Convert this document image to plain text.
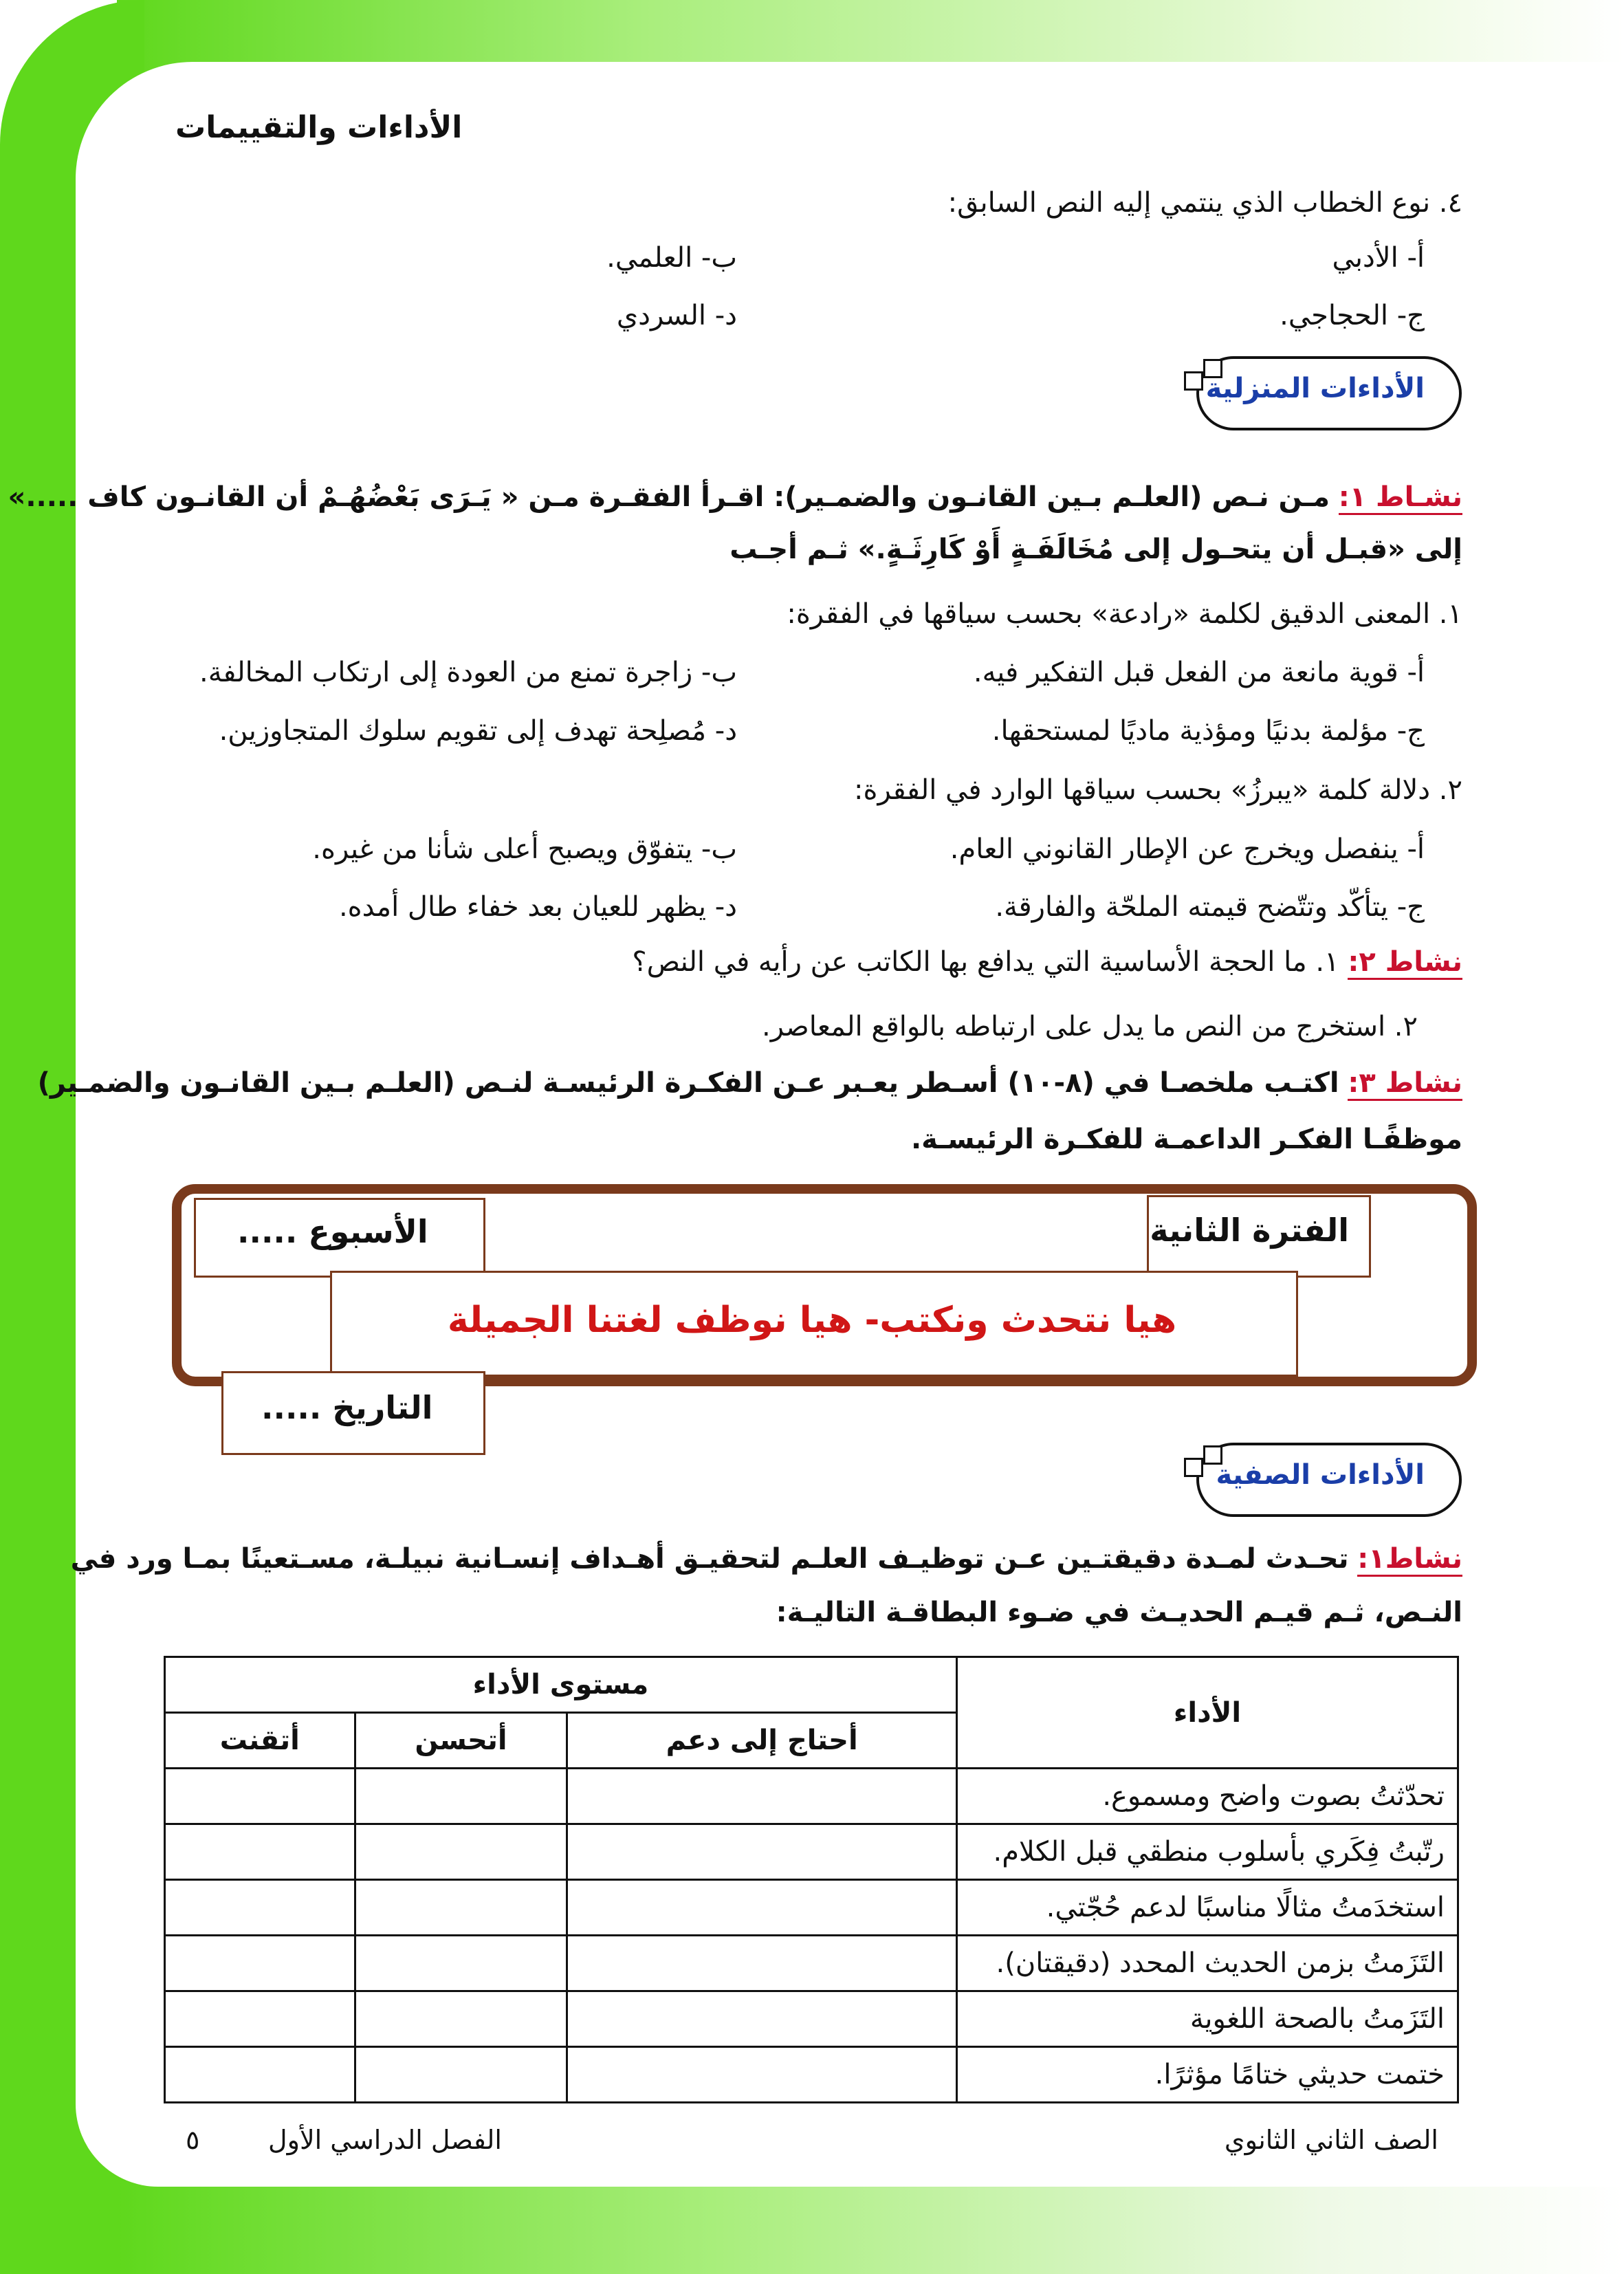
الأداءات والتقييمات
٤. نوع الخطاب الذي ينتمي إليه النص السابق:
أ- الأدبي
ب- العلمي.
ج- الحجاجي.
د- السردي
الأداءات المنزلية
نشـاط ١: مـن نـص (العلـم بـين القانـون والضمـير): اقـرأ الفقـرة مـن « يَـرَى بَعْضُهُـمْ أن القانـون كاف .....»
إلى «قبـل أن يتحـول إلى مُخَالَفَـةٍ أَوْ كَارِثَـةٍ.» ثـم أجـب
١. المعنى الدقيق لكلمة «رادعة» بحسب سياقها في الفقرة:
أ- قوية مانعة من الفعل قبل التفكير فيه.
ب- زاجرة تمنع من العودة إلى ارتكاب المخالفة.
ج- مؤلمة بدنيًا ومؤذية ماديًا لمستحقها.
د- مُصلِحة تهدف إلى تقويم سلوك المتجاوزين.
٢. دلالة كلمة «يبرزُ» بحسب سياقها الوارد في الفقرة:
أ- ينفصل ويخرج عن الإطار القانوني العام.
ب- يتفوّق ويصبح أعلى شأنا من غيره.
ج- يتأكّد وتتّضح قيمته الملحّة والفارقة.
د- يظهر للعيان بعد خفاء طال أمده.
نشاط ٢: ١. ما الحجة الأساسية التي يدافع بها الكاتب عن رأيه في النص؟
٢. استخرج من النص ما يدل على ارتباطه بالواقع المعاصر.
نشاط ٣: اكتـب ملخصـا في (٨-١٠) أسـطر يعـبر عـن الفكـرة الرئيسـة لنـص (العلـم بـين القانـون والضمـير)
موظفًـا الفكـر الداعمـة للفكـرة الرئيسـة.
الفترة الثانية
الأسبوع .....
هيا نتحدث ونكتب- هيا نوظف لغتنا الجميلة
التاريخ .....
الأداءات الصفية
نشاط١: تحـدث لمـدة دقيقتـين عـن توظيـف العلـم لتحقيـق أهـداف إنسـانية نبيلـة، مسـتعينًا بمـا ورد في
النـص، ثـم قيـم الحديـث في ضـوء البطاقـة التاليـة:
الأداء	مستوى الأداء		
	أحتاج إلى دعم	أتحسن	أتقنت
تحدّثتُ بصوت واضح ومسموع.			
رتّبتُ فِكَري بأسلوب منطقي قبل الكلام.			
استخدَمتُ مثالًا مناسبًا لدعم حُجّتي.			
التَزَمتُ بزمن الحديث المحدد (دقيقتان).			
التَزَمتُ بالصحة اللغوية			
ختمت حديثي ختامًا مؤثرًا.			
الصف الثاني الثانوي
الفصل الدراسي الأول
٥
